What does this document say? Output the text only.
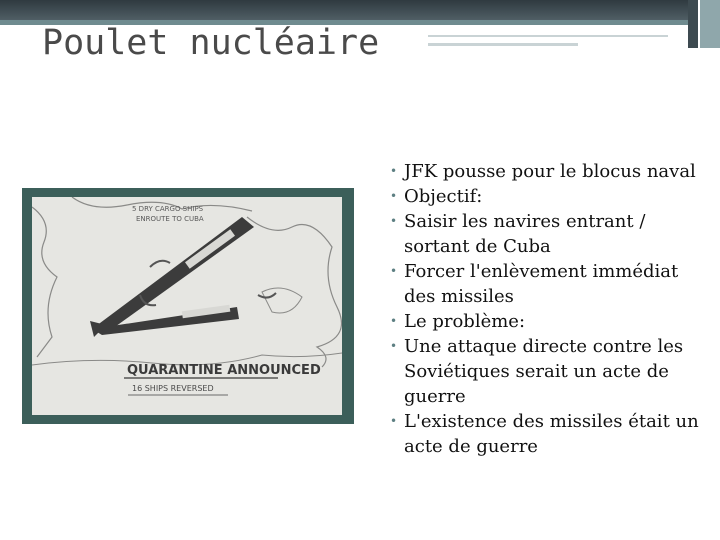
Poulet nucléaire
5 DRY CARGO SHIPS
ENROUTE TO CUBA
QUARANTINE ANNOUNCED
16 SHIPS REVERSED
• JFK pousse pour le blocus naval
• Objectif:
• Saisir les navires entrant / sortant de Cuba
• Forcer l'enlèvement immédiat des missiles
• Le problème:
• Une attaque directe contre les Soviétiques serait un acte de guerre
• L'existence des missiles était un acte de guerre
